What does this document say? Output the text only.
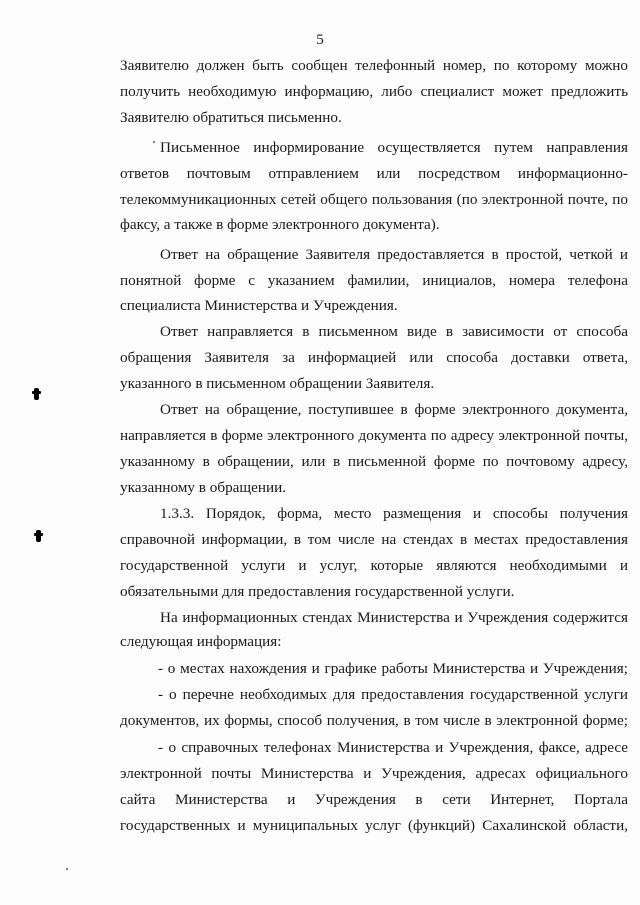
5
Заявителю должен быть сообщен телефонный номер, по которому можно
получить необходимую информацию, либо специалист может предложить
Заявителю обратиться письменно.
Письменное информирование осуществляется путем направления
ответов почтовым отправлением или посредством информационно-
телекоммуникационных сетей общего пользования (по электронной почте, по
факсу, а также в форме электронного документа).
Ответ на обращение Заявителя предоставляется в простой, четкой и
понятной форме с указанием фамилии, инициалов, номера телефона
специалиста Министерства и Учреждения.
Ответ направляется в письменном виде в зависимости от способа
обращения Заявителя за информацией или способа доставки ответа,
указанного в письменном обращении Заявителя.
Ответ на обращение, поступившее в форме электронного документа,
направляется в форме электронного документа по адресу электронной почты,
указанному в обращении, или в письменной форме по почтовому адресу,
указанному в обращении.
1.3.3. Порядок, форма, место размещения и способы получения
справочной информации, в том числе на стендах в местах предоставления
государственной услуги и услуг, которые являются необходимыми и
обязательными для предоставления государственной услуги.
На информационных стендах Министерства и Учреждения содержится
следующая информация:
- о местах нахождения и графике работы Министерства и Учреждения;
- о перечне необходимых для предоставления государственной услуги
документов, их формы, способ получения, в том числе в электронной форме;
- о справочных телефонах Министерства и Учреждения, факсе, адресе
электронной почты Министерства и Учреждения, адресах официального
сайта Министерства и Учреждения в сети Интернет, Портала
государственных и муниципальных услуг (функций) Сахалинской области,
